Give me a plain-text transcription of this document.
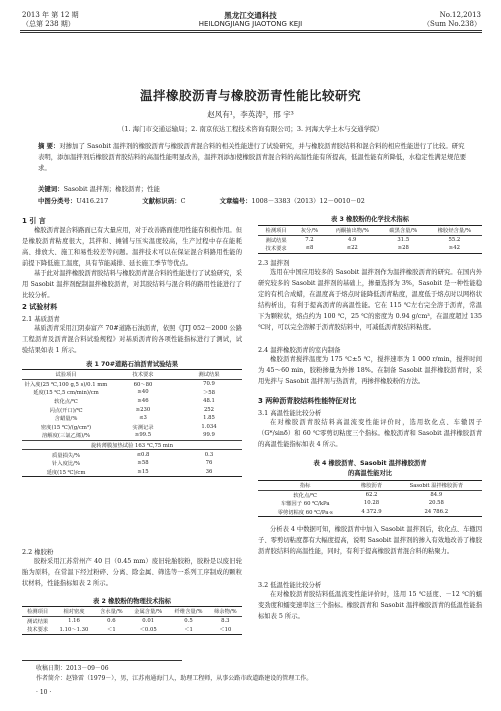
2013 年 第 12 期
（总第 238 期）
黑龙江交通科技
HEILONGJIANG JIAOTONG KEJI
No.12,2013
（Sum No.238）
温拌橡胶沥青与橡胶沥青性能比较研究
赵风有¹，李英涛²，邢 宇³
（1. 海门市交通运输局；2. 南京依达工程技术咨询有限公司；3. 河海大学土木与交通学院）
摘 要：对掺加了 Sasobit 温拌剂的橡胶沥青与橡胶沥青混合料的相关性能进行了试验研究，并与橡胶沥青胶结料和混合料的相应性能进行了比较。研究表明，添加温拌剂后橡胶沥青胶结料的高温性能明显改善，温拌剂添加使橡胶沥青混合料的高温性能有所提高，低温性能有所降低，水稳定性满足规范要求。
关键词：Sasobit 温拌剂；橡胶沥青；性能
中图分类号：U416.217	文献标识码：C	文章编号：1008－3383（2013）12－0010－02
1 引 言
橡胶沥青混合料路面已有大量应用，对于改善路面使用性能有积极作用。但是橡胶沥青粘度很大，其拌和、摊铺与压实温度较高，生产过程中存在能耗高、排放大、施工和易性较差等问题。温拌技术可以在保证混合料路用性能的前提下降低施工温度，具有节能减排、延长施工季节等优点。
基于此对温拌橡胶沥青胶结料与橡胶沥青混合料的性能进行了试验研究，采用 Sasobit 温拌剂配制温拌橡胶沥青，对其胶结料与混合料的路用性能进行了比较分析。
2 试验材料
2.1 基质沥青
基质沥青采用江阴泰富产 70#道路石油沥青，依照《JTJ 052－2000 公路工程沥青及沥青混合料试验规程》对基质沥青的各项性能指标进行了测试，试验结果如表 1 所示。
表 1 70#道路石油沥青试验结果
试验项目	技术要求	测试结果
针入度(25 ℃,100 g,5 s)/0.1 mm	60～80	70.9
延度(15 ℃,5 cm/min)/cm	≥40	＞58
软化点/℃	≥46	48.1
闪点(开口)/℃	≥230	252
含蜡量/%	≤3	1.85
密度(15 ℃)/(g/cm³)	实测记录	1.034
溶解度(三氯乙烯)/%	≥99.5	99.9
旋转薄膜加热试验 163 ℃,75 min		
质量损失/%	≤0.8	0.3
针入度比/%	≥58	76
延度(15 ℃)/cm	≥15	36
2.2 橡胶粉
胶粉采用江苏常州产 40 目（0.45 mm）废旧轮胎胶粉，胶粉是以废旧轮胎为原料，在常温下经过粉碎、分离、除金属、筛选等一系列工序制成的颗粒状材料，性能指标如表 2 所示。
表 2 橡胶粉的物理技术指标
检测项目	相对密度	含水量/%	金属含量/%	纤维含量/%	筛余物/%
测试结果	1.16	0.6	0.01	0.5	8.3
技术要求	1.10～1.30	＜1	＜0.05	＜1	＜10
表 3 橡胶粉的化学技术指标
检测项目	灰分/%	丙酮抽出物/%	碳黑含量/%	橡胶烃含量/%
测试结果	7.2	4.9	31.5	55.2
技术要求	≤8	≤22	≥28	≥42
2.3 温拌剂
选用在中国应用较多的 Sasobit 温拌剂作为温拌橡胶沥青的研究。在国内外研究较多的 Sasobit 温拌剂的基础上，掺量选择为 3%，Sasobit 是一种性能稳定的有机合成蜡，在温度高于熔点时能降低沥青粘度，温度低于熔点时以网格状结构析出，有利于提高沥青的高温性能。它在 115 ℃左右完全溶于沥青，常温下为颗粒状，熔点约为 100 ℃，25 ℃的密度为 0.94 g/cm³，在温度超过 135 ℃时，可以完全溶解于沥青胶结料中，可减低沥青胶结料粘度。
2.4 温拌橡胶沥青的室内制备
橡胶沥青搅拌温度为 175 ℃±5 ℃，搅拌速率为 1 000 r/min，搅拌时间为 45～60 min，胶粉掺量为外掺 18%。在制备 Sasobit 温拌橡胶沥青时，采用先拌与 Sasobit 温拌剂与热沥青，再掺拌橡胶粉的方法。
3 两种沥青胶结料性能特征对比
3.1 高温性能比较分析
在对橡胶沥青胶结料高温流变性能评价时，选用软化点、车辙因子（G*/sinδ）和 60 ℃零剪切粘度三个指标。橡胶沥青和 Sasobit 温拌橡胶沥青的高温性能指标如表 4 所示。
表 4 橡胶沥青、Sasobit 温拌橡胶沥青
的高温性能对比
指标	橡胶沥青	Sasobit 温拌橡胶沥青
软化点/℃	62.2	84.9
车辙因子 60 ℃/kPa	10.28	20.58
零剪切粘度 60 ℃/Pa·s	4 372.9	24 786.2
分析表 4 中数据可知，橡胶沥青中加入 Sasobit 温拌剂后，软化点、车辙因子、零剪切粘度都有大幅度提高，说明 Sasobit 温拌剂的掺入有效地改善了橡胶沥青胶结料的高温性能，同时，有利于提高橡胶沥青混合料的粘聚力。
3.2 低温性能比较分析
在对橡胶沥青胶结料低温流变性能评价时，选用 15 ℃延度、－12 ℃的蠕变劲度和蠕变速率这三个指标。橡胶沥青和 Sasobit 温拌橡胶沥青的低温性能指标如表 5 所示。
收稿日期：2013－09－06
作者简介：赵锋雷（1979－），男，江苏南通海门人，助理工程师，从事公路市政道路建设的管理工作。
· 10 ·
